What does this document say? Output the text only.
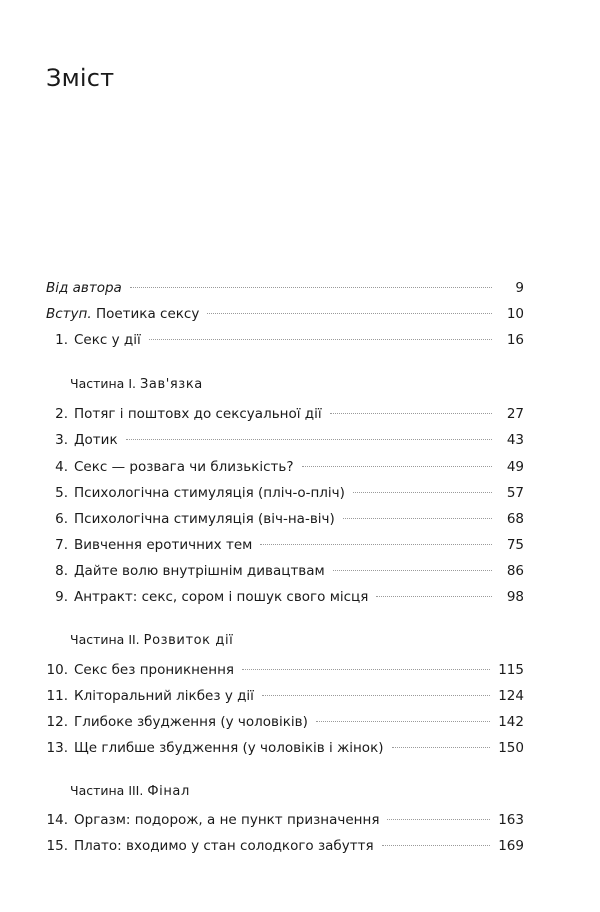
Зміст
Від автора	9
Вступ. Поетика сексу	10
1. Секс у дії	16
Частина I. Зав'язка
2. Потяг і поштовх до сексуальної дії	27
3. Дотик	43
4. Секс — розвага чи близькість?	49
5. Психологічна стимуляція (пліч-о-пліч)	57
6. Психологічна стимуляція (віч-на-віч)	68
7. Вивчення еротичних тем	75
8. Дайте волю внутрішнім дивацтвам	86
9. Антракт: секс, сором і пошук свого місця	98
Частина II. Розвиток дії
10. Секс без проникнення	115
11. Кліторальний лікбез у дії	124
12. Глибоке збудження (у чоловіків)	142
13. Ще глибше збудження (у чоловіків і жінок)	150
Частина III. Фінал
14. Оргазм: подорож, а не пункт призначення	163
15. Плато: входимо у стан солодкого забуття	169
